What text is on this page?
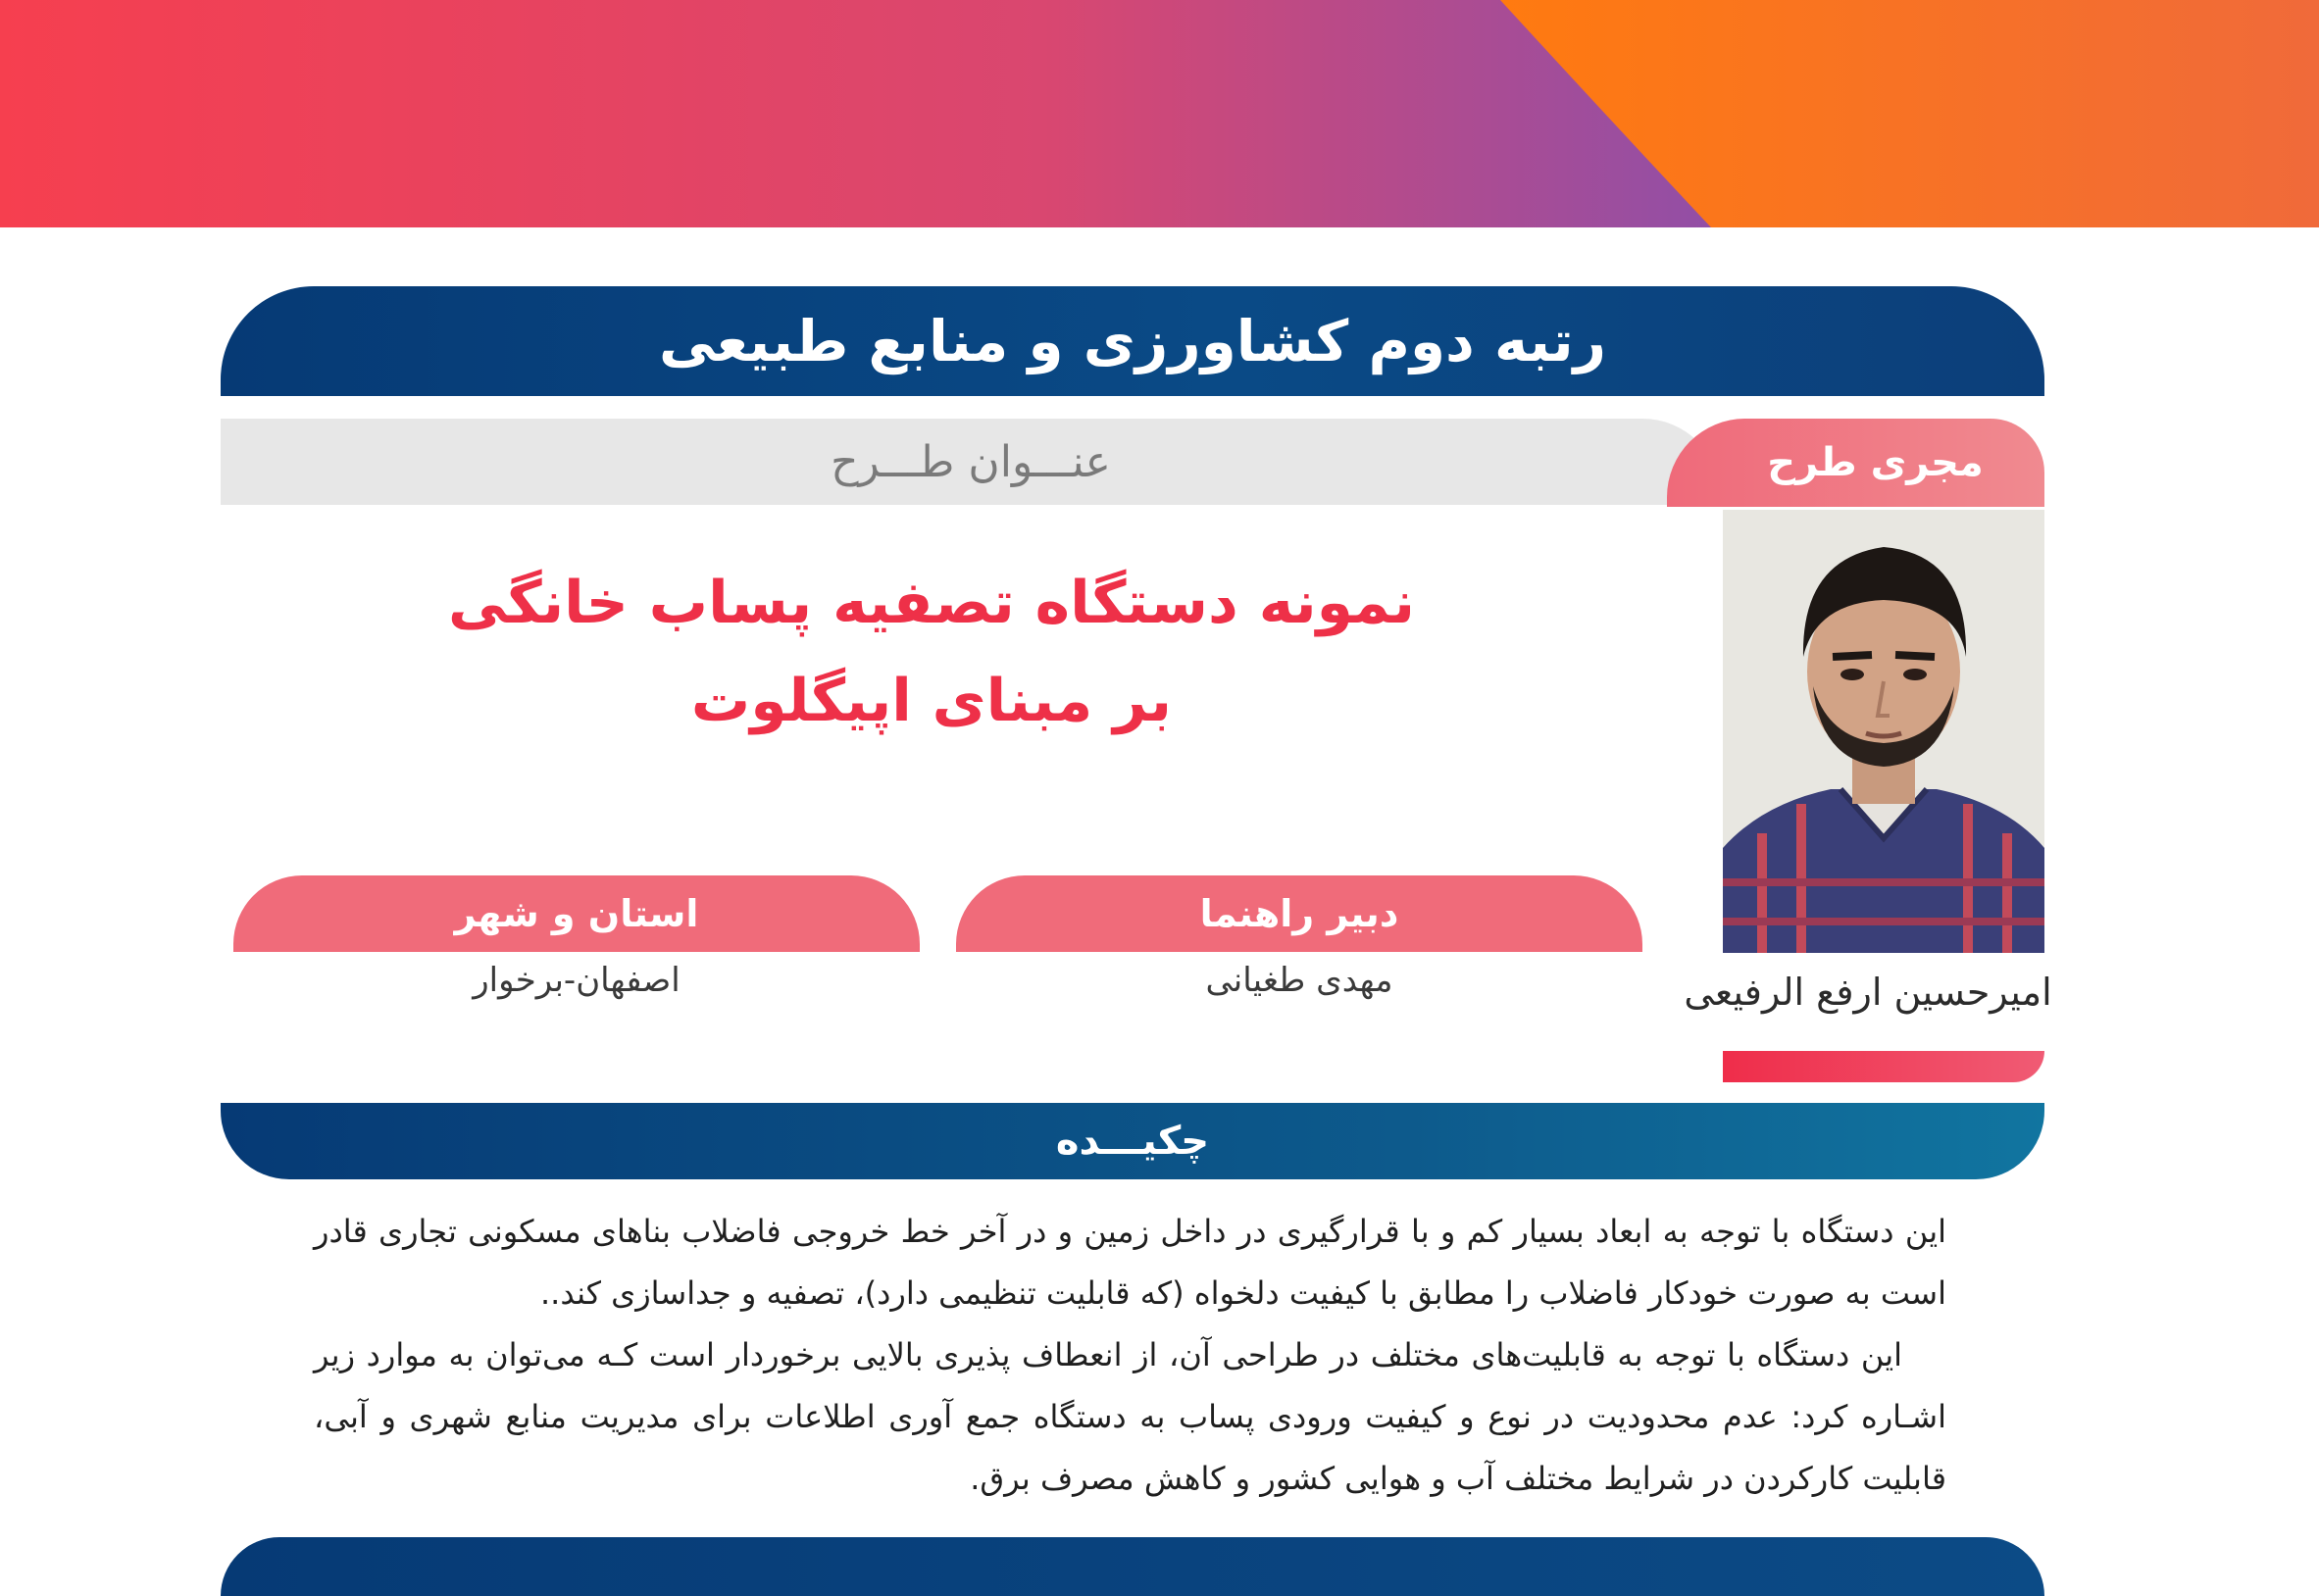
رتبه دوم کشاورزی و منابع طبیعی
عنـــوان طـــرح	مجری طرح
امیرحسین ارفع الرفیعی
نمونه دستگاه تصفیه پساب خانگی
بر مبنای اپیگلوت
دبیر راهنما
مهدی طغیانی
استان و شهر
اصفهان-برخوار
چکیـــده

این دستگاه با توجه به ابعاد بسیار کم و با قرارگیری در داخل زمین و در آخر خط خروجی فاضلاب بناهای مسکونی تجاری قادر است به صورت خودکار فاضلاب را مطابق با کیفیت دلخواه (که قابلیت تنظیمی دارد)، تصفیه و جداسازی کند..

این دستگاه با توجه به قابلیت‌های مختلف در طراحی آن، از انعطاف پذیری بالایی برخوردار است کـه می‌توان به موارد زیر اشـاره کرد: عدم محدودیت در نوع و کیفیت ورودی پساب به دستگاه جمع آوری اطلاعات برای مدیریت منابع شهری و آبی، قابلیت کارکردن در شرایط مختلف آب و هوایی کشور و کاهش مصرف برق.
